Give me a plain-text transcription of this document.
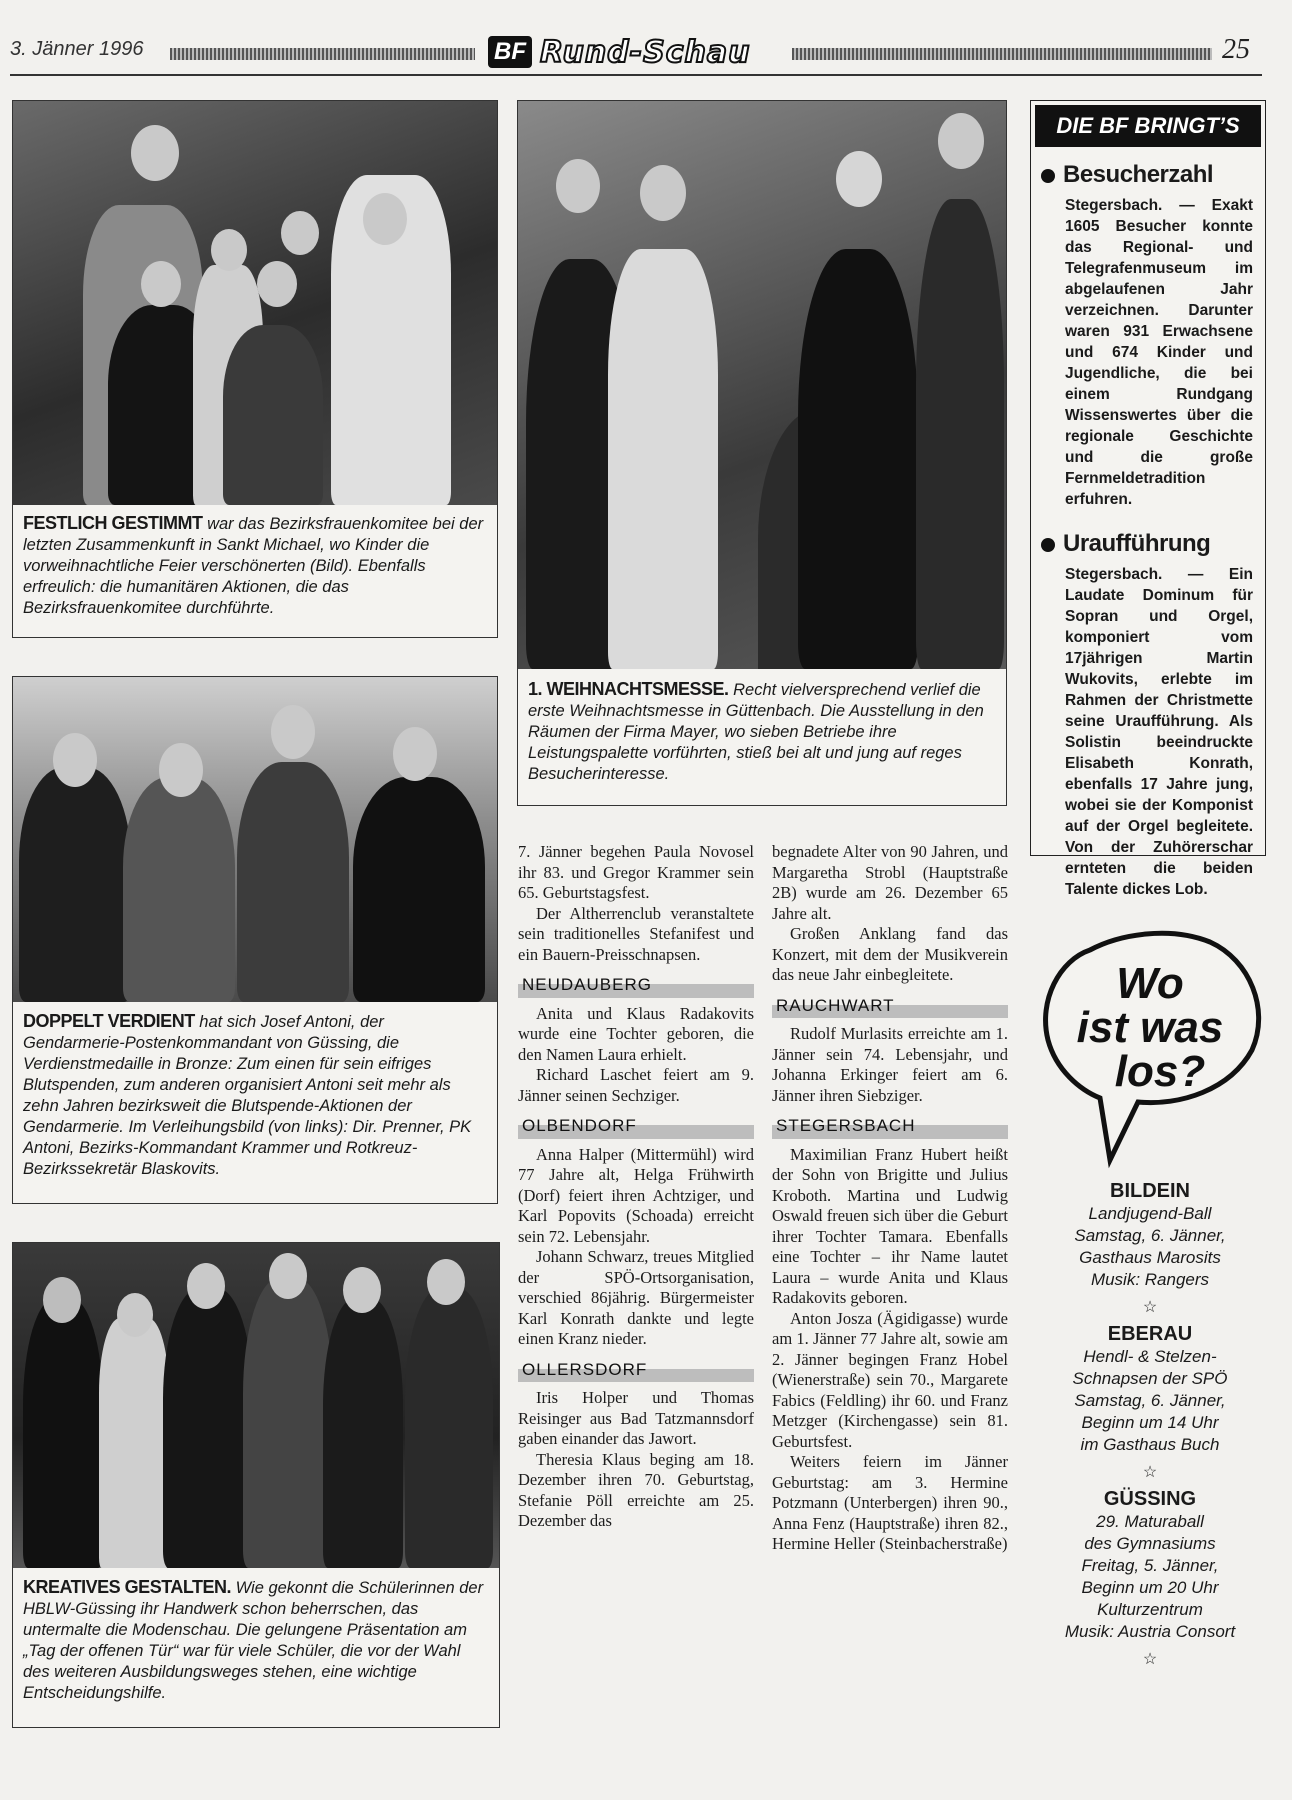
3. Jänner 1996	BF Rund-Schau	25
FESTLICH GESTIMMT war das Bezirksfrauenkomitee bei der letzten Zusammenkunft in Sankt Michael, wo Kinder die vorweihnachtliche Feier verschönerten (Bild). Ebenfalls erfreulich: die humanitären Aktionen, die das Bezirksfrauenkomitee durchführte.
1. WEIHNACHTSMESSE. Recht vielversprechend verlief die erste Weihnachtsmesse in Güttenbach. Die Ausstellung in den Räumen der Firma Mayer, wo sieben Betriebe ihre Leistungspalette vorführten, stieß bei alt und jung auf reges Besucherinteresse.
DOPPELT VERDIENT hat sich Josef Antoni, der Gendarmerie-Postenkommandant von Güssing, die Verdienstmedaille in Bronze: Zum einen für sein eifriges Blutspenden, zum anderen organisiert Antoni seit mehr als zehn Jahren bezirksweit die Blutspende-Aktionen der Gendarmerie. Im Verleihungsbild (von links): Dir. Prenner, PK Antoni, Bezirks-Kommandant Krammer und Rotkreuz-Bezirkssekretär Blaskovits.
KREATIVES GESTALTEN. Wie gekonnt die Schülerinnen der HBLW-Güssing ihr Handwerk schon beherrschen, das untermalte die Modenschau. Die gelungene Präsentation am „Tag der offenen Tür“ war für viele Schüler, die vor der Wahl des weiteren Ausbildungsweges stehen, eine wichtige Entscheidungshilfe.

7. Jänner begehen Paula Novosel ihr 83. und Gregor Krammer sein 65. Geburtstagsfest.

Der Altherrenclub veranstaltete sein traditionelles Stefanifest und ein Bauern-Preisschnapsen.

NEUDAUBERG

Anita und Klaus Radakovits wurde eine Tochter geboren, die den Namen Laura erhielt.

Richard Laschet feiert am 9. Jänner seinen Sechziger.

OLBENDORF

Anna Halper (Mittermühl) wird 77 Jahre alt, Helga Frühwirth (Dorf) feiert ihren Achtziger, und Karl Popovits (Schoada) erreicht sein 72. Lebensjahr.

Johann Schwarz, treues Mitglied der SPÖ-Ortsorganisation, verschied 86jährig. Bürgermeister Karl Konrath dankte und legte einen Kranz nieder.

OLLERSDORF

Iris Holper und Thomas Reisinger aus Bad Tatzmannsdorf gaben einander das Jawort.

Theresia Klaus beging am 18. Dezember ihren 70. Geburtstag, Stefanie Pöll erreichte am 25. Dezember das

begnadete Alter von 90 Jahren, und Margaretha Strobl (Hauptstraße 2B) wurde am 26. Dezember 65 Jahre alt.

Großen Anklang fand das Konzert, mit dem der Musikverein das neue Jahr einbegleitete.

RAUCHWART

Rudolf Murlasits erreichte am 1. Jänner sein 74. Lebensjahr, und Johanna Erkinger feiert am 6. Jänner ihren Siebziger.

STEGERSBACH

Maximilian Franz Hubert heißt der Sohn von Brigitte und Julius Kroboth. Martina und Ludwig Oswald freuen sich über die Geburt ihrer Tochter Tamara. Ebenfalls eine Tochter – ihr Name lautet Laura – wurde Anita und Klaus Radakovits geboren.

Anton Josza (Ägidigasse) wurde am 1. Jänner 77 Jahre alt, sowie am 2. Jänner begingen Franz Hobel (Wienerstraße) sein 70., Margarete Fabics (Feldling) ihr 60. und Franz Metzger (Kirchengasse) sein 81. Geburtsfest.

Weiters feiern im Jänner Geburtstag: am 3. Hermine Potzmann (Unterbergen) ihren 90., Anna Fenz (Hauptstraße) ihren 82., Hermine Heller (Steinbacherstraße)

DIE BF BRINGT’S
Besucherzahl
Stegersbach. — Exakt 1605 Besucher konnte das Regional- und Telegrafenmuseum im abgelaufenen Jahr verzeichnen. Darunter waren 931 Erwachsene und 674 Kinder und Jugendliche, die bei einem Rundgang Wissenswertes über die regionale Geschichte und die große Fernmeldetradition erfuhren.
Uraufführung
Stegersbach. — Ein Laudate Dominum für Sopran und Orgel, komponiert vom 17jährigen Martin Wukovits, erlebte im Rahmen der Christmette seine Uraufführung. Als Solistin beeindruckte Elisabeth Konrath, ebenfalls 17 Jahre jung, wobei sie der Komponist auf der Orgel begleitete. Von der Zuhörerschar ernteten die beiden Talente dickes Lob.
Wo
ist was
los?
BILDEIN
Landjugend-Ball
Samstag, 6. Jänner,
Gasthaus Marosits
Musik: Rangers
☆
EBERAU
Hendl- & Stelzen-
Schnapsen der SPÖ
Samstag, 6. Jänner,
Beginn um 14 Uhr
im Gasthaus Buch
☆
GÜSSING
29. Maturaball
des Gymnasiums
Freitag, 5. Jänner,
Beginn um 20 Uhr
Kulturzentrum
Musik: Austria Consort
☆
